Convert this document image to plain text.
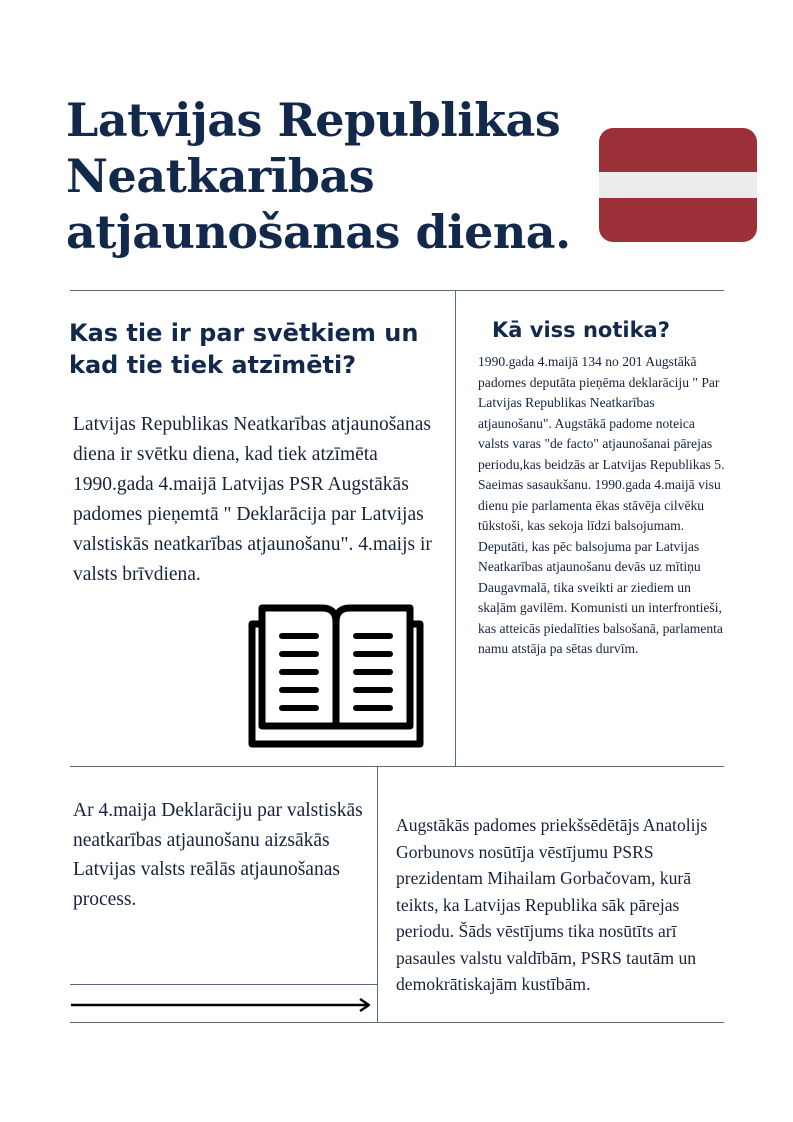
Latvijas Republikas Neatkarības atjaunošanas diena.
Kas tie ir par svētkiem un kad tie tiek atzīmēti?

Latvijas Republikas Neatkarības atjaunošanas diena ir svētku diena, kad tiek atzīmēta 1990.gada 4.maijā Latvijas PSR Augstākās padomes pieņemtā " Deklarācija par Latvijas valstiskās neatkarības atjaunošanu". 4.maijs ir valsts brīvdiena.

Kā viss notika?

1990.gada 4.maijā 134 no 201 Augstākā padomes deputāta pieņēma deklarāciju " Par Latvijas Republikas Neatkarības atjaunošanu". Augstākā padome noteica valsts varas "de facto" atjaunošanai pārejas periodu,kas beidzās ar Latvijas Republikas 5. Saeimas sasaukšanu. 1990.gada 4.maijā visu dienu pie parlamenta ēkas stāvēja cilvēku tūkstoši, kas sekoja līdzi balsojumam. Deputāti, kas pēc balsojuma par Latvijas Neatkarības atjaunošanu devās uz mītiņu Daugavmalā, tika sveikti ar ziediem un skaļām gavilēm. Komunisti un interfrontieši, kas atteicās piedalīties balsošanā, parlamenta namu atstāja pa sētas durvīm.

Ar 4.maija Deklarāciju par valstiskās neatkarības atjaunošanu aizsākās Latvijas valsts reālās atjaunošanas process.

Augstākās padomes priekšsēdētājs Anatolijs Gorbunovs nosūtīja vēstījumu PSRS prezidentam Mihailam Gorbačovam, kurā teikts, ka Latvijas Republika sāk pārejas periodu. Šāds vēstījums tika nosūtīts arī pasaules valstu valdībām, PSRS tautām un demokrātiskajām kustībām.
